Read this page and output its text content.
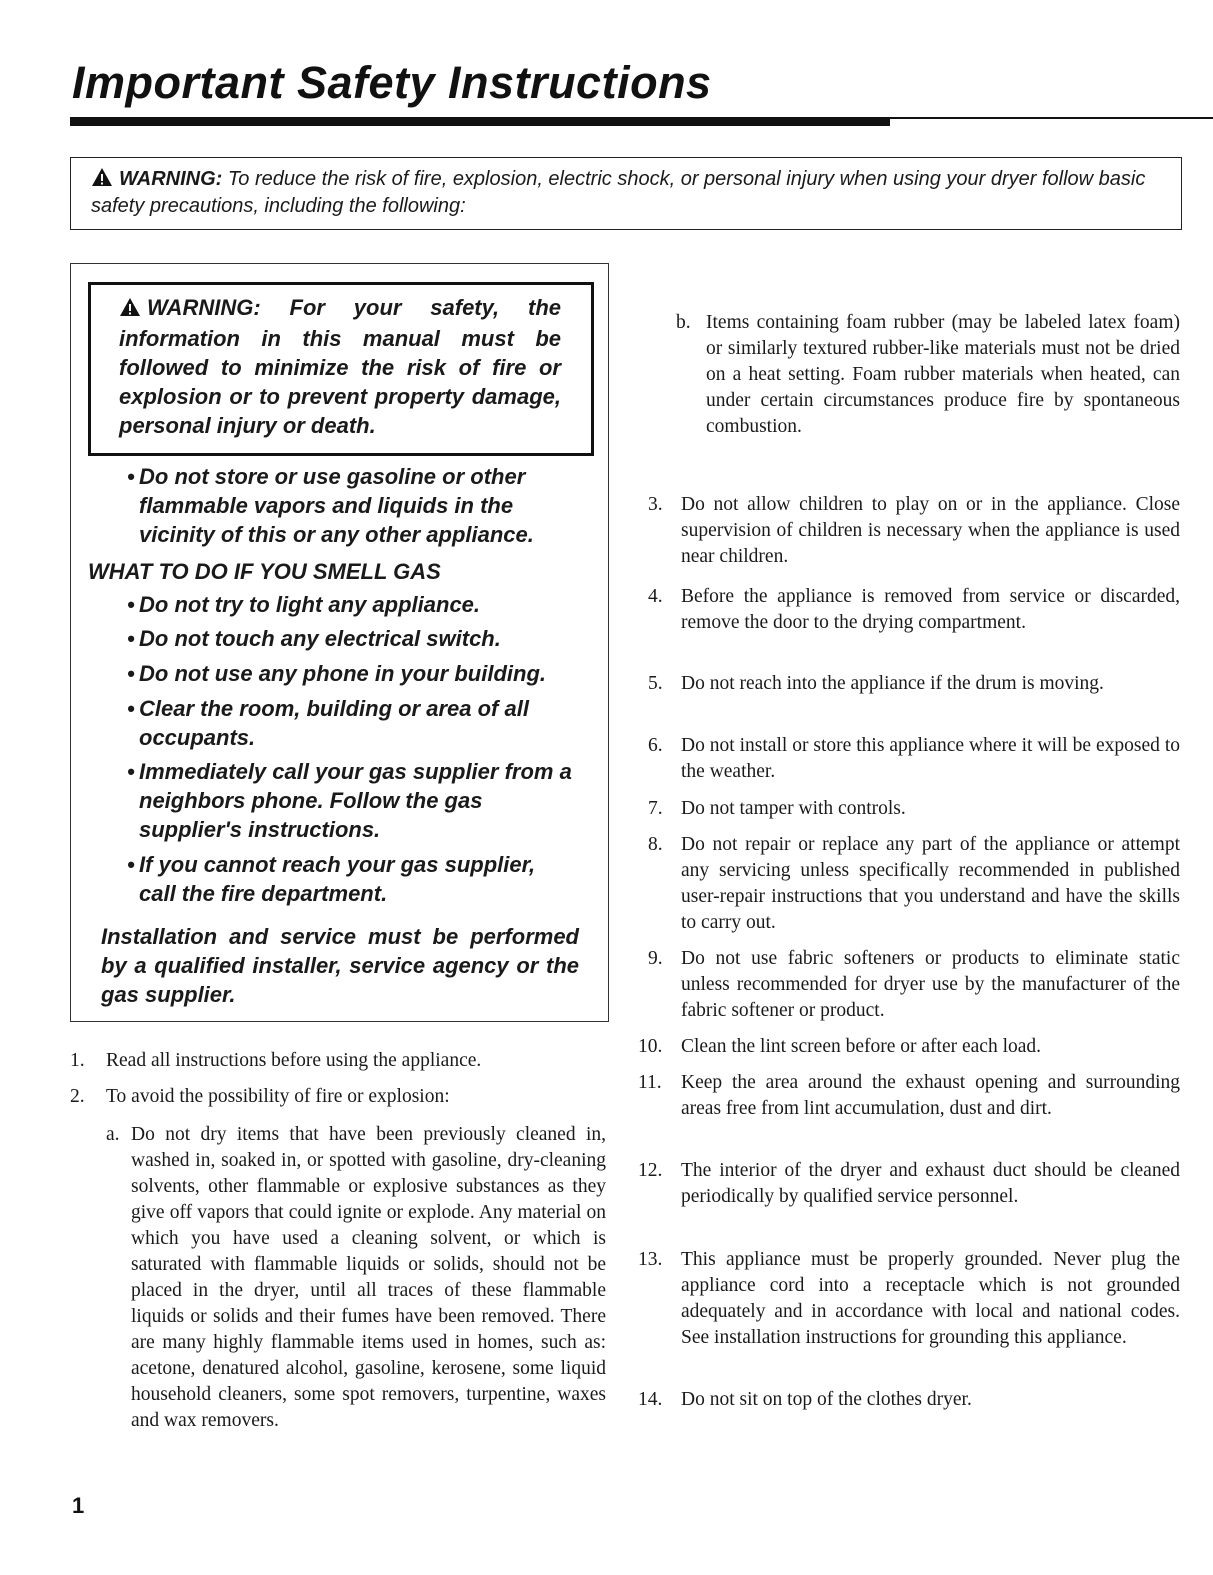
Important Safety Instructions
WARNING: To reduce the risk of fire, explosion, electric shock, or personal injury when using your dryer follow basic safety precautions, including the following:
WARNING: For your safety, the information in this manual must be followed to minimize the risk of fire or explosion or to prevent property damage, personal injury or death.
• Do not store or use gasoline or other flammable vapors and liquids in the vicinity of this or any other appliance.
WHAT TO DO IF YOU SMELL GAS
• Do not try to light any appliance.
• Do not touch any electrical switch.
• Do not use any phone in your building.
• Clear the room, building or area of all occupants.
• Immediately call your gas supplier from a neighbors phone. Follow the gas supplier's instructions.
• If you cannot reach your gas supplier, call the fire department.
Installation and service must be performed by a qualified installer, service agency or the gas supplier.
1. Read all instructions before using the appliance.
2. To avoid the possibility of fire or explosion:
a. Do not dry items that have been previously cleaned in, washed in, soaked in, or spotted with gasoline, dry-cleaning solvents, other flammable or explosive substances as they give off vapors that could ignite or explode. Any material on which you have used a cleaning solvent, or which is saturated with flammable liquids or solids, should not be placed in the dryer, until all traces of these flammable liquids or solids and their fumes have been removed. There are many highly flammable items used in homes, such as: acetone, denatured alcohol, gasoline, kerosene, some liquid household cleaners, some spot removers, turpentine, waxes and wax removers.
b. Items containing foam rubber (may be labeled latex foam) or similarly textured rubber-like materials must not be dried on a heat setting. Foam rubber materials when heated, can under certain circumstances produce fire by spontaneous combustion.
3. Do not allow children to play on or in the appliance. Close supervision of children is necessary when the appliance is used near children.
4. Before the appliance is removed from service or discarded, remove the door to the drying compartment.
5. Do not reach into the appliance if the drum is moving.
6. Do not install or store this appliance where it will be exposed to the weather.
7. Do not tamper with controls.
8. Do not repair or replace any part of the appliance or attempt any servicing unless specifically recommended in published user-repair instructions that you understand and have the skills to carry out.
9. Do not use fabric softeners or products to eliminate static unless recommended for dryer use by the manufacturer of the fabric softener or product.
10. Clean the lint screen before or after each load.
11. Keep the area around the exhaust opening and surrounding areas free from lint accumulation, dust and dirt.
12. The interior of the dryer and exhaust duct should be cleaned periodically by qualified service personnel.
13. This appliance must be properly grounded. Never plug the appliance cord into a receptacle which is not grounded adequately and in accordance with local and national codes. See installation instructions for grounding this appliance.
14. Do not sit on top of the clothes dryer.
1
